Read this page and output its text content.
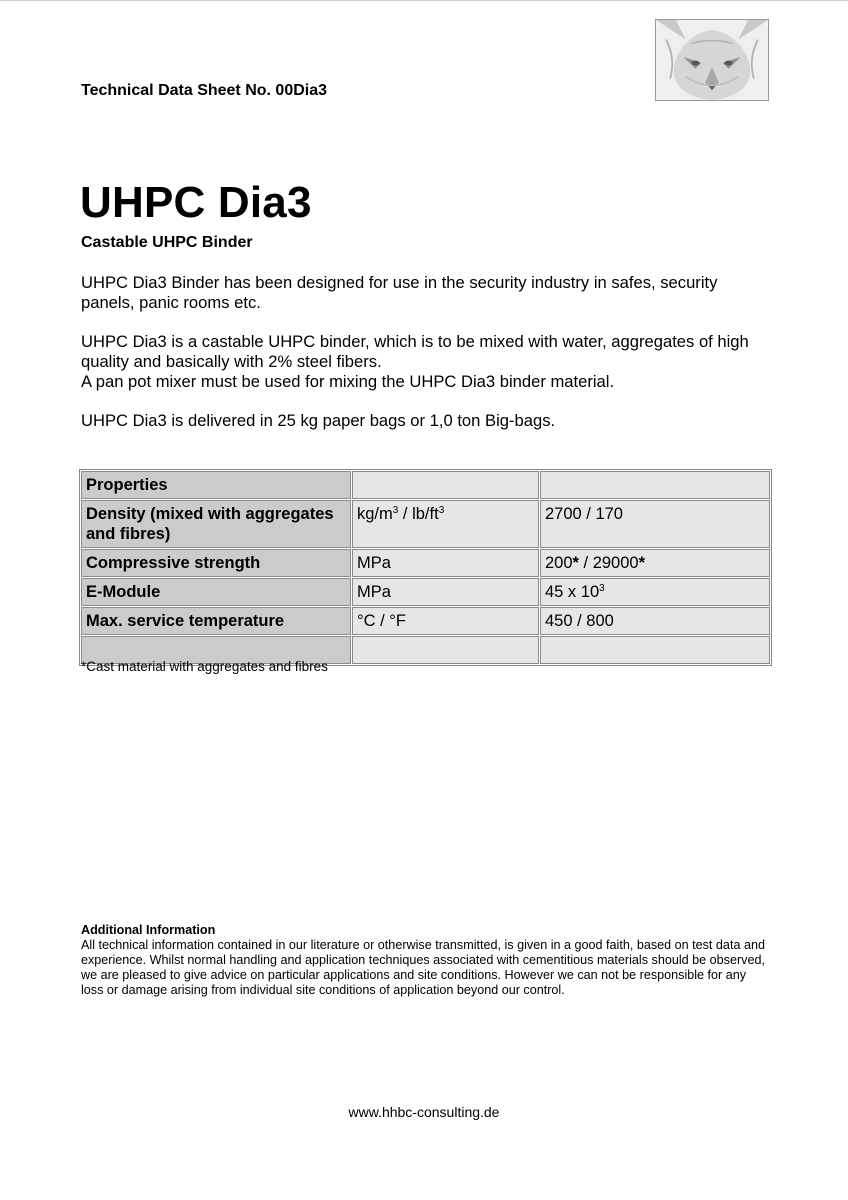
Technical Data Sheet No. 00Dia3
UHPC Dia3
Castable UHPC Binder
UHPC Dia3 Binder has been designed for use in the security industry in safes, security panels, panic rooms etc.
UHPC Dia3 is a castable UHPC binder, which is to be mixed with water, aggregates of high quality and basically with 2% steel fibers.
A pan pot mixer must be used for mixing the UHPC Dia3 binder material.
UHPC Dia3 is delivered in 25 kg paper bags or 1,0 ton Big-bags.
Properties		
Density (mixed with aggregates and fibres)	$kg/m^3 / lb/ft^3$	2700 / 170
Compressive strength	MPa	200* / 29000*
E-Module	MPa	45 x $10^3$
Max. service temperature	°C / °F	450 / 800

*Cast material with aggregates and fibres
Additional Information
All technical information contained in our literature or otherwise transmitted, is given in a good faith, based on test data and experience. Whilst normal handling and application techniques associated with cementitious materials should be observed, we are pleased to give advice on particular applications and site conditions. However we can not be responsible for any loss or damage arising from individual site conditions of application beyond our control.
www.hhbc-consulting.de
